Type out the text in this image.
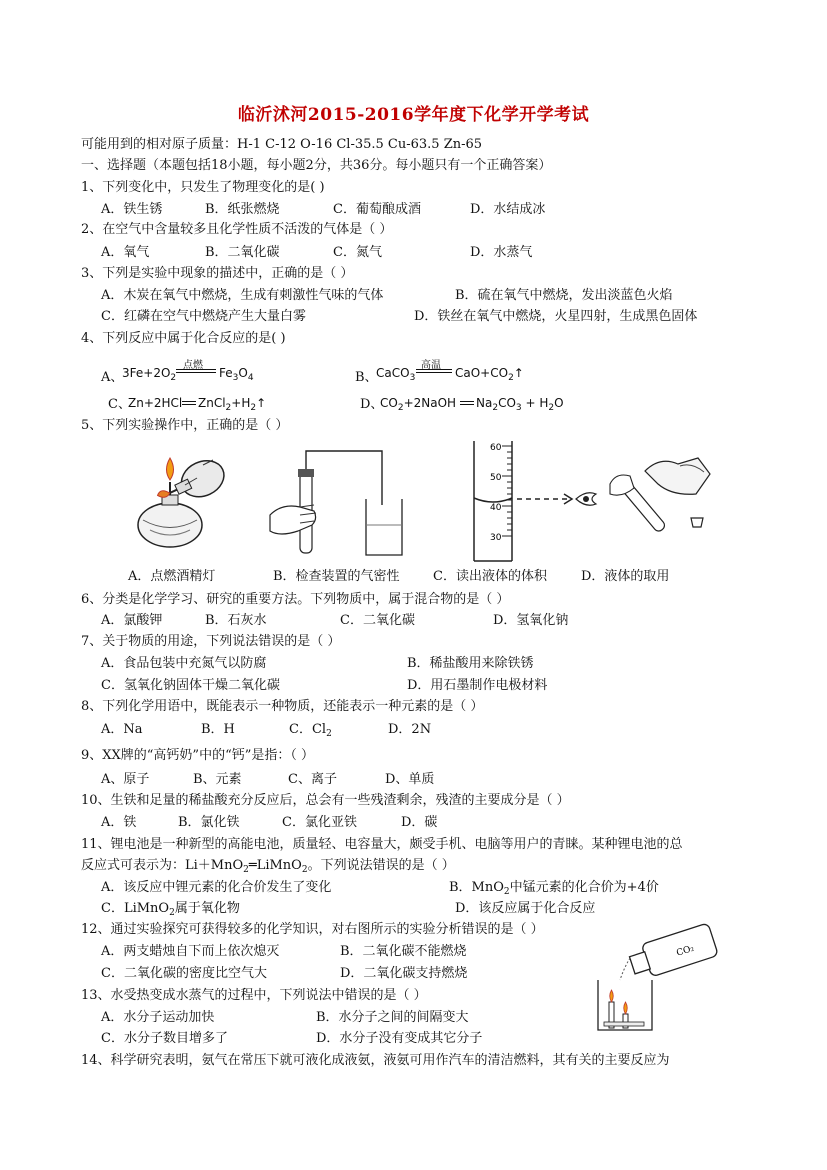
临沂沭河2015-2016学年度下化学开学考试
可能用到的相对原子质量：H-1 C-12 O-16 Cl-35.5 Cu-63.5 Zn-65
一、选择题（本题包括18小题，每小题2分，共36分。每小题只有一个正确答案）
1、下列变化中，只发生了物理变化的是( )
A．铁生锈	B．纸张燃烧	C．葡萄酿成酒	D．水结成冰
2、在空气中含量较多且化学性质不活泼的气体是（ ）
A．氧气	B．二氧化碳	C．氮气	D．水蒸气
3、下列是实验中现象的描述中，正确的是（ ）
A．木炭在氧气中燃烧，生成有刺激性气味的气体	B．硫在氧气中燃烧，发出淡蓝色火焰
C．红磷在空气中燃烧产生大量白雾	D．铁丝在氧气中燃烧，火星四射，生成黑色固体
4、下列反应中属于化合反应的是( )
A、
$3Fe+2O_2$
点燃
$Fe_3O_4$	B、
CaCO$_3$
高温
$CaO+CO_2↑$
C、
Zn+2HCl $ZnCl_2+H_2↑$	D、
$CO_2+2NaOH$ $Na_2CO_3 + H_2O$
5、下列实验操作中，正确的是（ ）
60
50
40
30
A．点燃酒精灯	B．检查装置的气密性	C．读出液体的体积	D．液体的取用
6、分类是化学学习、研究的重要方法。下列物质中，属于混合物的是（ ）
A．氯酸钾	B．石灰水	C．二氧化碳	D．氢氧化钠
7、关于物质的用途，下列说法错误的是（ ）
A．食品包装中充氮气以防腐	B．稀盐酸用来除铁锈
C．氢氧化钠固体干燥二氧化碳	D．用石墨制作电极材料
8、下列化学用语中，既能表示一种物质，还能表示一种元素的是（ ）
A．Na	B．H	C．$Cl_2$	D．2N
9、XX牌的“高钙奶”中的“钙”是指：（ ）
A、原子	B、元素	C、离子	D、单质
10、生铁和足量的稀盐酸充分反应后，总会有一些残渣剩余，残渣的主要成分是（ ）
A．铁	B．氯化铁	C．氯化亚铁	D．碳
11、锂电池是一种新型的高能电池，质量轻、电容量大，颇受手机、电脑等用户的青睐。某种锂电池的总
反应式可表示为：Li＋MnO$_2$═LiMnO$_2$。下列说法错误的是（ ）
A．该反应中锂元素的化合价发生了变化	B．MnO$_2$中锰元素的化合价为+4价
C．LiMnO$_2$属于氧化物	D．该反应属于化合反应
12、通过实验探究可获得较多的化学知识，对右图所示的实验分析错误的是（ ）
A．两支蜡烛自下而上依次熄灭	B．二氧化碳不能燃烧
C．二氧化碳的密度比空气大	D．二氧化碳支持燃烧
CO₂
13、水受热变成水蒸气的过程中，下列说法中错误的是（ ）
A．水分子运动加快	B．水分子之间的间隔变大
C．水分子数目增多了	D．水分子没有变成其它分子
14、科学研究表明，氨气在常压下就可液化成液氨，液氨可用作汽车的清洁燃料，其有关的主要反应为
